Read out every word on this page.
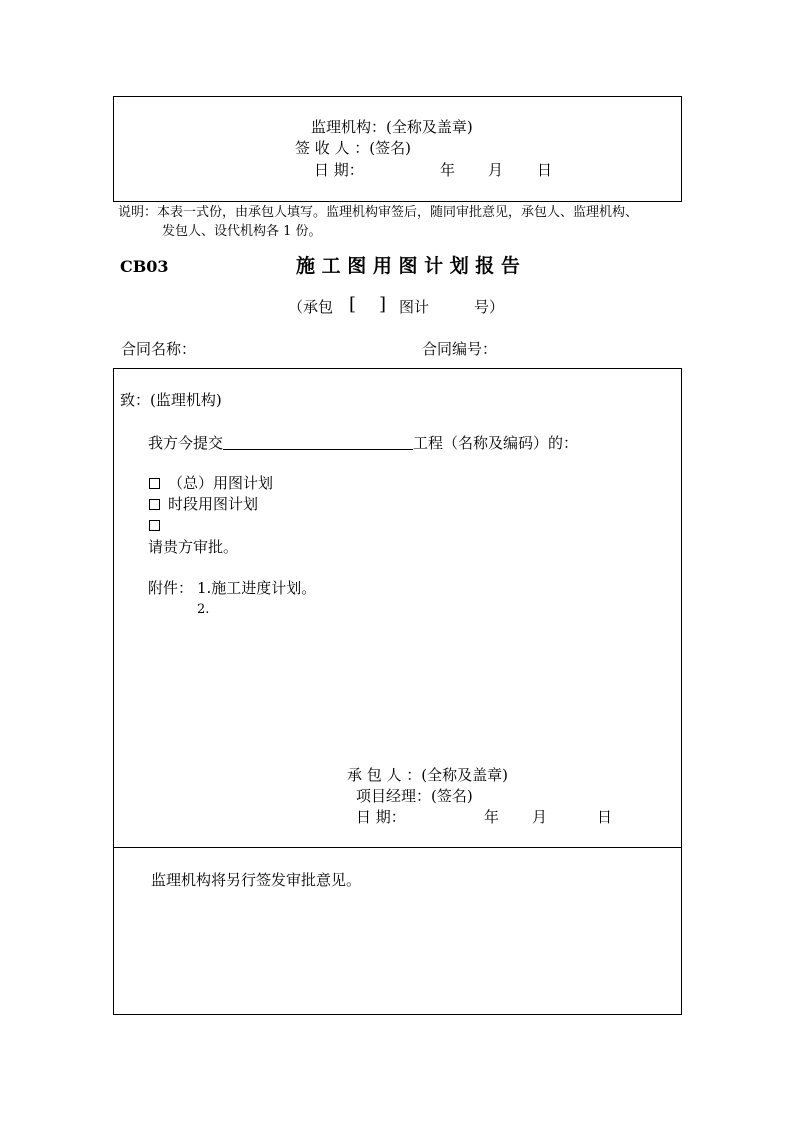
监理机构：(全称及盖章)
签 收 人 ：(签名)
日 期：	年 月 日
说明：本表一式份，由承包人填写。监理机构审签后，随同审批意见，承包人、监理机构、
发包人、设代机构各 1 份。
CB03	施 工 图 用 图 计 划 报 告
（承包 [ ] 图计	号）
合同名称：	合同编号：
致：(监理机构)
我方今提交	工程（名称及编码）的：
（总）用图计划
时段用图计划
请贵方审批。
附件： 1.施工进度计划。
2.
承 包 人 ：(全称及盖章)
项目经理：(签名)
日 期：	年 月	日
监理机构将另行签发审批意见。
